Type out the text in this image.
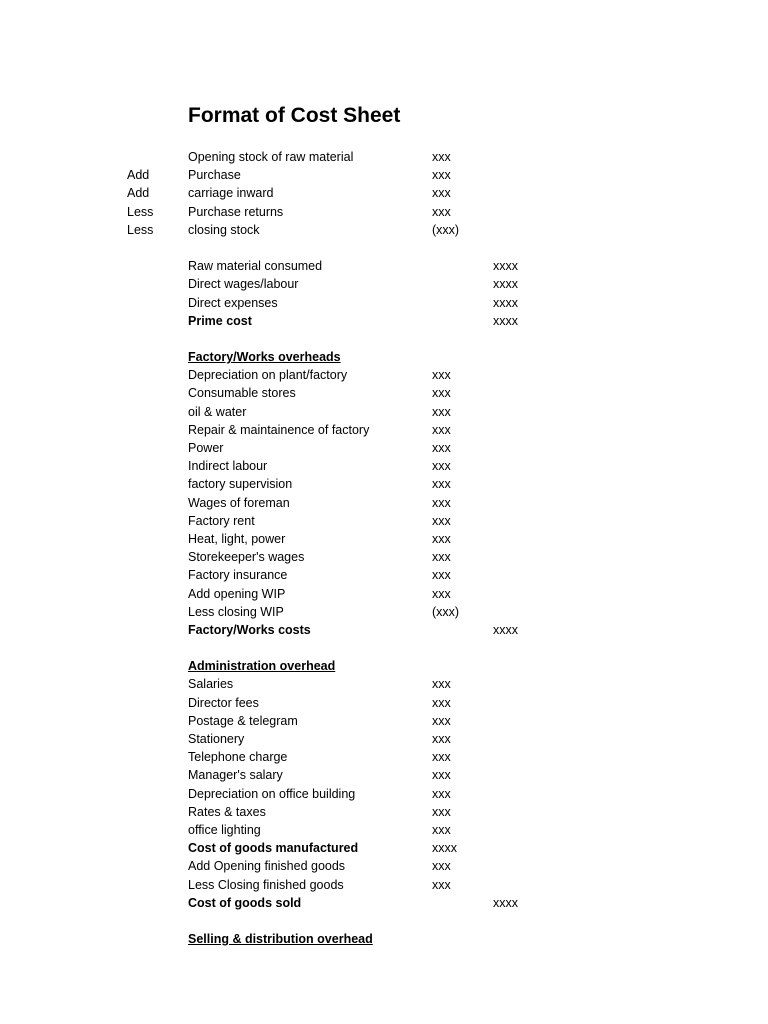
Format of Cost Sheet
Opening stock of raw material	xxx
Add	Purchase	xxx
Add	carriage inward	xxx
Less	Purchase returns	xxx
Less	closing stock	(xxx)
Raw material consumed	xxxx
Direct wages/labour	xxxx
Direct expenses	xxxx
Prime cost	xxxx
Factory/Works overheads
Depreciation on plant/factory	xxx
Consumable stores	xxx
oil & water	xxx
Repair & maintainence of factory	xxx
Power	xxx
Indirect labour	xxx
factory supervision	xxx
Wages of foreman	xxx
Factory rent	xxx
Heat, light, power	xxx
Storekeeper's wages	xxx
Factory insurance	xxx
Add opening WIP	xxx
Less closing WIP	(xxx)
Factory/Works costs	xxxx
Administration overhead
Salaries	xxx
Director fees	xxx
Postage & telegram	xxx
Stationery	xxx
Telephone charge	xxx
Manager's salary	xxx
Depreciation on office building	xxx
Rates & taxes	xxx
office lighting	xxx
Cost of goods manufactured	xxxx
Add Opening finished goods	xxx
Less Closing finished goods	xxx
Cost of goods sold	xxxx
Selling & distribution overhead
